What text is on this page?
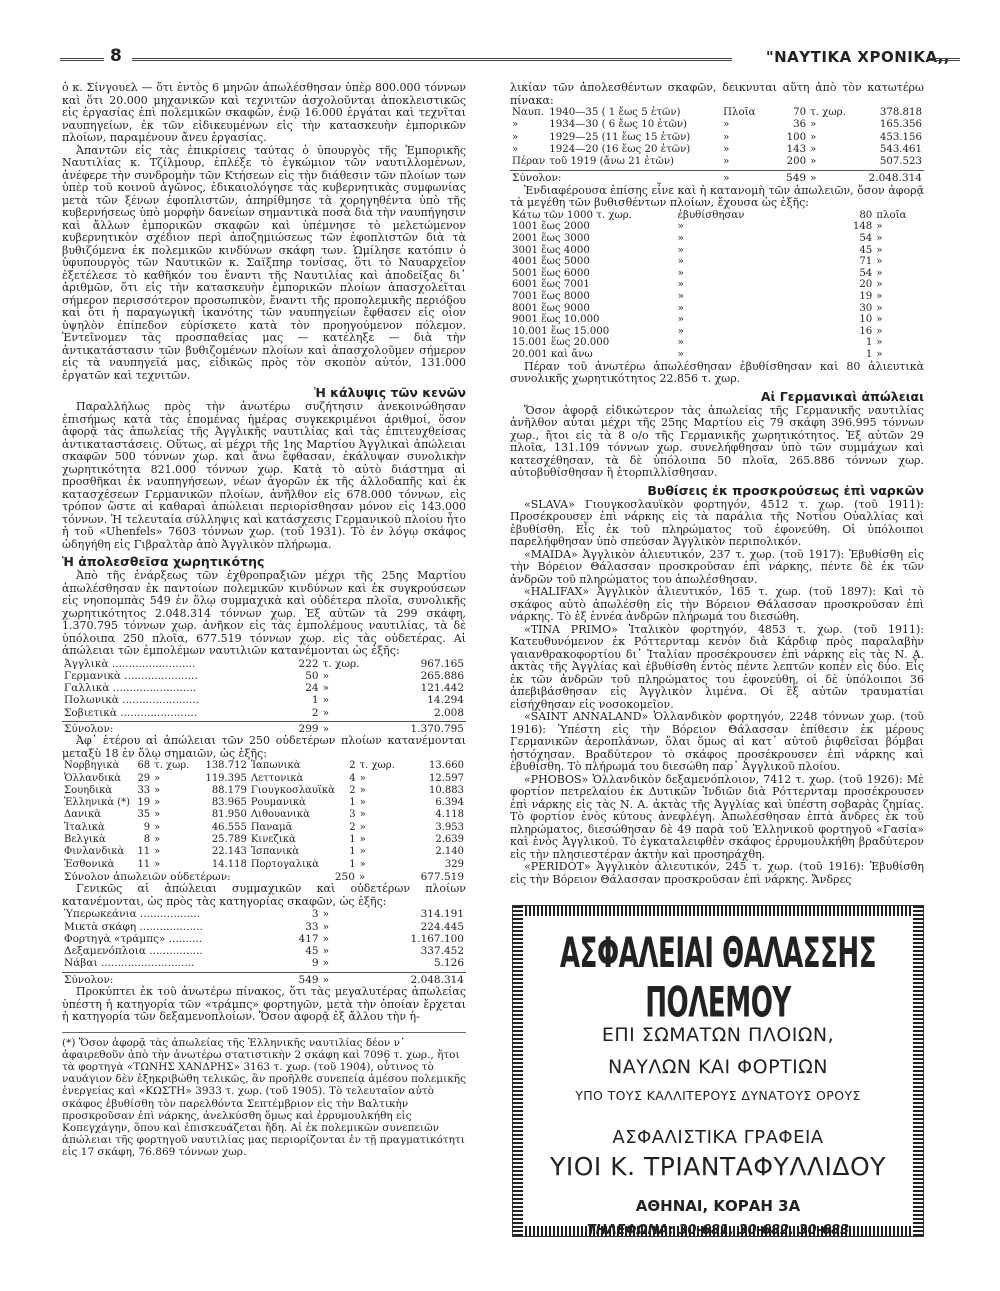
8	"ΝΑΥΤΙΚΑ ΧΡΟΝΙΚΑ,,

ὁ κ. Σίνγουελ — ὅτι ἐντὸς 6 μηνῶν ἀπωλέσθησαν ὑπὲρ 800.000 τόννων καὶ ὅτι 20.000 μηχανικῶν καὶ τεχνιτῶν ἀσχολοῦνται ἀποκλειστικῶς εἰς ἐργασίας ἐπὶ πολεμικῶν σκαφῶν, ἐνῷ 16.000 ἐργάται καὶ τεχνῖται ναυπηγείων, ἐκ τῶν εἰδικευμένων εἰς τὴν κατασκευὴν ἐμπορικῶν πλοίων, παραμένουν ἄνευ ἐργασίας.

Ἀπαντῶν εἰς τὰς ἐπικρίσεις ταύτας ὁ ὑπουργὸς τῆς Ἐμπορικῆς Ναυτιλίας κ. Τζίλμουρ, ἐπλέξε τὸ ἐγκώμιον τῶν ναυτιλλομένων, ἀνέφερε τὴν συνδρομὴν τῶν Κτήσεων εἰς τὴν διάθεσιν τῶν πλοίων των ὑπὲρ τοῦ κοινοῦ ἀγῶνος, ἐδικαιολόγησε τὰς κυβερνητικὰς συμφωνίας μετὰ τῶν ξένων ἐφοπλιστῶν, ἀπηρίθμησε τὰ χορηγηθέντα ὑπὸ τῆς κυβερνήσεως ὑπὸ μορφὴν δανείων σημαντικὰ ποσὰ διὰ τὴν ναυπήγησιν καὶ ἄλλων ἐμπορικῶν σκαφῶν καὶ ὑπέμνησε τὸ μελετώμενον κυβερνητικὸν σχέδιον περὶ ἀποζημιώσεως τῶν ἐφοπλιστῶν διὰ τὰ βυθιζόμενα ἐκ πολεμικῶν κινδύνων σκάφη των. Ὡμίλησε κατόπιν ὁ ὑφυπουργὸς τῶν Ναυτικῶν κ. Σαϊξπηρ τονίσας, ὅτι τὸ Ναυαρχεῖον ἐξετέλεσε τὸ καθῆκόν του ἔναντι τῆς Ναυτιλίας καὶ ἀποδείξας δι᾽ ἀριθμῶν, ὅτι εἰς τὴν κατασκευὴν ἐμπορικῶν πλοίων ἀπασχολεῖται σήμερον περισσότερον προσωπικὸν, ἔναντι τῆς προπολεμικῆς περιόδου καὶ ὅτι ἡ παραγωγικὴ ἱκανότης τῶν ναυπηγείων ἔφθασεν εἰς οἷον ὑψηλὸν ἐπίπεδον εὑρίσκετο κατὰ τὸν προηγούμενον πόλεμον. Ἐντεῖνομεν τὰς προσπαθείας μας — κατέληξε — διὰ τὴν ἀντικατάστασιν τῶν βυθιζομένων πλοίων καὶ ἀπασχολοῦμεν σήμερον εἰς τὰ ναυπηγεῖά μας, εἰδικῶς πρὸς τὸν σκοπὸν αὐτόν, 131.000 ἐργατῶν καὶ τεχνιτῶν.

Ἡ κάλυψις τῶν κενῶν

Παραλλήλως πρὸς τὴν ἀνωτέρω συζήτησιν ἀνεκοινώθησαν ἐπισήμως κατὰ τὰς ἑπομένας ἡμέρας συγκεκριμένοι ἀριθμοί, ὅσον ἀφορᾷ τὰς ἀπωλείας τῆς Ἀγγλικῆς ναυτιλίας καὶ τὰς ἐπιτευχθείσας ἀντικαταστάσεις. Οὕτως, αἱ μέχρι τῆς 1ης Μαρτίου Ἀγγλικαὶ ἀπώλειαι σκαφῶν 500 τόννων χωρ. καὶ ἄνω ἔφθασαν, ἐκάλυψαν συνολικὴν χωρητικότητα 821.000 τόννων χωρ. Κατὰ τὸ αὐτὸ διάστημα αἱ προσθῆκαι ἐκ ναυπηγήσεων, νέων ἀγορῶν ἐκ τῆς ἀλλοδαπῆς καὶ ἐκ κατασχέσεων Γερμανικῶν πλοίων, ἀνῆλθον εἰς 678.000 τόννων, εἰς τρόπον ὥστε αἱ καθαραὶ ἀπώλειαι περιορίσθησαν μόνον εἰς 143.000 τόννων. Ἡ τελευταία σύλληψις καὶ κατάσχεσις Γερμανικοῦ πλοίου ἦτο ἡ τοῦ «Uhenfels» 7603 τόννων χωρ. (τοῦ 1931). Τὸ ἐν λόγῳ σκάφος ὡδηγήθη εἰς Γιβραλτὰρ ἀπὸ Ἀγγλικὸν πλήρωμα.

Ἡ ἀπολεσθεῖσα χωρητικότης

Ἀπὸ τῆς ἐνάρξεως τῶν ἐχθροπραξιῶν μέχρι τῆς 25ης Μαρτίου ἀπωλέσθησαν ἐκ παντοίων πολεμικῶν κινδύνων καὶ ἐκ συγκρούσεων εἰς νηοπομπὰς 549 ἐν ὅλῳ συμμαχικὰ καὶ οὐδέτερα πλοῖα, συνολικῆς χωρητικότητος 2.048.314 τόννων χωρ. Ἐξ αὐτῶν τὰ 299 σκάφη, 1.370.795 τόννων χωρ. ἀνῆκον εἰς τὰς ἐμπολέμους ναυτιλίας, τὰ δὲ ὑπόλοιπα 250 πλοῖα, 677.519 τόννων χωρ. εἰς τὰς οὐδετέρας. Αἱ ἀπώλειαι τῶν ἐμπολέμων ναυτιλιῶν κατανέμονται ὡς ἑξῆς:

Ἀγγλικὰ .........................	222	τ. χωρ.	967.165
Γερμανικὰ ......................	50	»	265.886
Γαλλικὰ .........................	24	»	121.442
Πολωνικὰ .......................	1	»	14.294
Σοβιετικὰ .......................	2	»	2.008
Σύνολον:	299	»	1.370.795

Ἀφ᾽ ἑτέρου αἱ ἀπώλειαι τῶν 250 οὐδετέρων πλοίων κατανέμονται μεταξὺ 18 ἐν ὅλῳ σημαιῶν, ὡς ἑξῆς:

Νορβηγικὰ	68	τ. χωρ.	138.712	Ἰαπωνικὰ	2	τ. χωρ.	13.660
Ὁλλανδικὰ	29	»	119.395	Λεττονικὰ	4	»	12.597
Σουηδικὰ	33	»	88.179	Γιουγκοσλαυϊκὰ	2	»	10.883
Ἑλληνικὰ (*)	19	»	83.965	Ρουμανικὰ	1	»	6.394
Δανικὰ	35	»	81.950	Λιθουανικὰ	3	»	4.118
Ἰταλικὰ	9	»	46.555	Παναμᾶ	2	»	3.953
Βελγικὰ	8	»	25.789	Κινεζικὰ	1	»	2.639
Φινλανδικὰ	11	»	22.143	Ἰσπανικὰ	1	»	2.140
Ἐσθονικὰ	11	»	14.118	Πορτογαλικὰ	1	»	329
Σύνολον ἀπωλειῶν οὐδετέρων:	250	»	677.519

Γενικῶς αἱ ἀπώλειαι συμμαχικῶν καὶ οὐδετέρων πλοίων κατανέμονται, ὡς πρὸς τὰς κατηγορίας σκαφῶν, ὡς ἑξῆς:

Ὑπερωκεάνια ..................	3	»	314.191
Μικτὰ σκάφη ...................	33	»	224.445
Φορτηγὰ «τράμπς» ..........	417	»	1.167.100
Δεξαμενόπλοια ................	45	»	337.452
Νάβαι ............................	9	»	5.126
Σύνολον:	549	»	2.048.314

Προκύπτει ἐκ τοῦ ἀνωτέρω πίνακος, ὅτι τὰς μεγαλυτέρας ἀπωλείας ὑπέστη ἡ κατηγορία τῶν «τράμπς» φορτηγῶν, μετὰ τὴν ὁποίαν ἔρχεται ἡ κατηγορία τῶν δεξαμενοπλοίων. Ὅσον ἀφορᾷ ἐξ ἄλλου τὴν ἡ-

(*) Ὅσον ἀφορᾷ τὰς ἀπωλείας τῆς Ἑλληνικῆς ναυτιλίας δέον ν᾽ ἀφαιρεθοῦν ἀπὸ τὴν ἀνωτέρω στατιστικὴν 2 σκάφη καὶ 7096 τ. χωρ., ἤτοι τὰ φορτηγὰ «ΤΩΝΗΣ ΧΑΝΔΡΗΣ» 3163 τ. χωρ. (τοῦ 1904), οὗτινος τὸ ναυάγιον δὲν ἐξηκριβώθη τελικῶς, ἂν προῆλθε συνεπείᾳ ἀμέσου πολεμικῆς ἐνεργείας καὶ «ΚΩΣΤΗ» 3933 τ. χωρ. (τοῦ 1905). Τὸ τελευταῖον αὐτὸ σκάφος ἐβυθίσθη τὸν παρελθόντα Σεπτέμβριον εἰς τὴν Βαλτικὴν προσκροῦσαν ἐπὶ νάρκης, ἀνελκύσθη ὅμως καὶ ἐρρυμουλκήθη εἰς Κοπεγχάγην, ὅπου καὶ ἐπισκευάζεται ἤδη. Αἱ ἐκ πολεμικῶν συνεπειῶν ἀπώλειαι τῆς φορτηγοῦ ναυτιλίας μας περιορίζονται ἐν τῇ πραγματικότητι εἰς 17 σκάφη, 76.869 τόννων χωρ.

λικίαν τῶν ἀπολεσθέντων σκαφῶν, δεικνυται αὕτη ἀπὸ τὸν κατωτέρω πίνακα:

Ναυπ.	1940—35 ( 1 ἔως 5 ἐτῶν)	Πλοῖα	70	τ. χωρ.	378.818
»	1934—30 ( 6 ἔως 10 ἐτῶν)	»	36	»	165.356
»	1929—25 (11 ἔως 15 ἐτῶν)	»	100	»	453.156
»	1924—20 (16 ἔως 20 ἐτῶν)	»	143	»	543.461
Πέραν	τοῦ 1919 (ἄνω 21 ἐτῶν)	»	200	»	507.523
Σύνολον:	»	549	»	2.048.314

Ἐνδιαφέρουσα ἐπίσης εἶνε καὶ ἡ κατανομὴ τῶν ἀπωλειῶν, ὅσον ἀφορᾷ τὰ μεγέθη τῶν βυθισθέντων πλοίων, ἔχουσα ὡς ἑξῆς:

Κάτω τῶν 1000 τ. χωρ.	ἐβυθίσθησαν	80	πλοῖα
1001 ἕως 2000	»	148	»
2001 ἕως 3000	»	54	»
3001 ἕως 4000	»	45	»
4001 ἕως 5000	»	71	»
5001 ἕως 6000	»	54	»
6001 ἕως 7001	»	20	»
7001 ἕως 8000	»	19	»
8001 ἕως 9000	»	30	»
9001 ἕως 10.000	»	10	»
10.001 ἕως 15.000	»	16	»
15.001 ἕως 20.000	»	1	»
20.001 καὶ ἄνω	»	1	»

Πέραν τοῦ ἀνωτέρω ἀπωλέσθησαν ἐβυθίσθησαν καὶ 80 ἁλιευτικὰ συνολικῆς χωρητικότητος 22.856 τ. χωρ.

Αἱ Γερμανικαὶ ἀπώλειαι

Ὅσον ἀφορᾷ εἰδικώτερον τὰς ἀπωλείας τῆς Γερμανικῆς ναυτιλίας ἀνῆλθον αὗται μέχρι τῆς 25ης Μαρτίου εἰς 79 σκάφη 396.995 τόννων χωρ., ἤτοι εἰς τὰ 8 ο/ο τῆς Γερμανικῆς χωρητικότητος. Ἐξ αὐτῶν 29 πλοῖα, 131.109 τόννων χωρ. συνελήφθησαν ὑπὸ τῶν συμμάχων καὶ κατεσχέθησαν, τὰ δὲ ὑπόλοιπα 50 πλοῖα, 265.886 τόννων χωρ. αὐτοβυθίσθησαν ἢ ἐτορπιλλίσθησαν.

Βυθίσεις ἐκ προσκρούσεως ἐπὶ ναρκῶν

«SLAVA» Γιουγκοσλαυϊκὸν φορτηγόν, 4512 τ. χωρ. (τοῦ 1911): Προσέκρουσεν ἐπὶ νάρκης εἰς τὰ παράλια τῆς Νοτίου Οὐαλλίας καὶ ἐβυθίσθη. Εἷς ἐκ τοῦ πληρώματος τοῦ ἐφονεύθη. Οἱ ὑπόλοιποι παρελήφθησαν ὑπὸ σπεύσαν Ἀγγλικὸν περιπολικόν.

«MAIDA» Ἀγγλικὸν ἁλιευτικόν, 237 τ. χωρ. (τοῦ 1917): Ἐβυθίσθη εἰς τὴν Βόρειον Θάλασσαν προσκροῦσαν ἐπὶ νάρκης, πέντε δὲ ἐκ τῶν ἀνδρῶν τοῦ πληρώματος του ἀπωλέσθησαν.

«HALIFAX» Ἀγγλικὸν ἁλιευτικόν, 165 τ. χωρ. (τοῦ 1897): Καὶ τὸ σκάφος αὐτὸ ἀπωλέσθη εἰς τὴν Βόρειον Θάλασσαν προσκροῦσαν ἐπὶ νάρκης. Τὸ ἐξ ἑννέα ἀνδρῶν πλήρωμά του διεσώθη.

«TINA PRIMO» Ἰταλικὸν φορτηγόν, 4853 τ. χωρ. (τοῦ 1911): Κατευθυνόμενον ἐκ Ρόττερνταμ κενὸν διὰ Κάρδιφ πρὸς παραλαβὴν γαιανθρακοφορτίου δι᾽ Ἰταλίαν προσέκρουσεν ἐπὶ νάρκης εἰς τὰς Ν. Α. ἀκτὰς τῆς Ἀγγλίας καὶ ἐβυθίσθη ἐντὸς πέντε λεπτῶν κοπὲν εἰς δύο. Εἷς ἐκ τῶν ἀνδρῶν τοῦ πληρώματος του ἐφονεύθη, οἱ δὲ ὑπόλοιποι 36 ἀπεβιβάσθησαν εἰς Ἀγγλικὸν λιμένα. Οἱ ἓξ αὐτῶν τραυματίαι εἰσήχθησαν εἰς νοσοκομεῖον.

«SAINT ANNALAND» Ὁλλανδικὸν φορτηγόν, 2248 τόννων χωρ. (τοῦ 1916): Ὑπέστη εἰς τὴν Βόρειον Θάλασσαν ἐπίθεσιν ἐκ μέρους Γερμανικῶν ἀεροπλάνων, ὅλαι ὅμως αἱ κατ᾽ αὐτοῦ ῥιφθεῖσαι βόμβαι ἠστόχησαν. Βραδύτερον τὸ σκάφος προσέκρουσεν ἐπὶ νάρκης καὶ ἐβυθίσθη. Τὸ πλήρωμά του διεσώθη παρ᾽ Ἀγγλικοῦ πλοίου.

«PHOBOS» Ὁλλανδικὸν δεξαμενόπλοιον, 7412 τ. χωρ. (τοῦ 1926): Μὲ φορτίον πετρελαίου ἐκ Δυτικῶν Ἰνδιῶν διὰ Ρόττερνταμ προσέκρουσεν ἐπὶ νάρκης εἰς τὰς Ν. Α. ἀκτὰς τῆς Ἀγγλίας καὶ ὑπέστη σοβαρὰς ζημίας. Τὸ φορτίον ἐνὸς κύτους ἀνεφλέγη. Ἀπωλέσθησαν ἑπτὰ ἄνδρες ἐκ τοῦ πληρώματος, διεσώθησαν δὲ 49 παρὰ τοῦ Ἑλληνικοῦ φορτηγοῦ «Γασία» καὶ ἑνὸς Ἀγγλικοῦ. Τὸ ἐγκαταλειφθὲν σκάφος ἐρρυμουλκήθη βραδύτερον εἰς τὴν πλησιεστέραν ἀκτὴν καὶ προσηράχθη.

«PERIDOT» Ἀγγλικὸν ἁλιευτικόν, 245 τ. χωρ. (τοῦ 1916): Ἐβυθίσθη εἰς τὴν Βόρειον Θάλασσαν προσκροῦσαν ἐπὶ νάρκης. Ἄνδρες

ΑΣΦΑΛΕΙΑΙ ΘΑΛΑΣΣΗΣ ΠΟΛΕΜΟΥ
ΕΠΙ ΣΩΜΑΤΩΝ ΠΛΟΙΩΝ,
ΝΑΥΛΩΝ ΚΑΙ ΦΟΡΤΙΩΝ
ΥΠΟ ΤΟΥΣ ΚΑΛΛΙΤΕΡΟΥΣ ΔΥΝΑΤΟΥΣ ΟΡΟΥΣ
ΑΣΦΑΛΙΣΤΙΚΑ ΓΡΑΦΕΙΑ
ΥΙΟΙ Κ. ΤΡΙΑΝΤΑΦΥΛΛΙΔΟΥ
ΑΘΗΝΑΙ, ΚΟΡΑΗ 3Α
ΤΗΛΕΦΩΝΑ: 30-681, 30-682, 30-683
